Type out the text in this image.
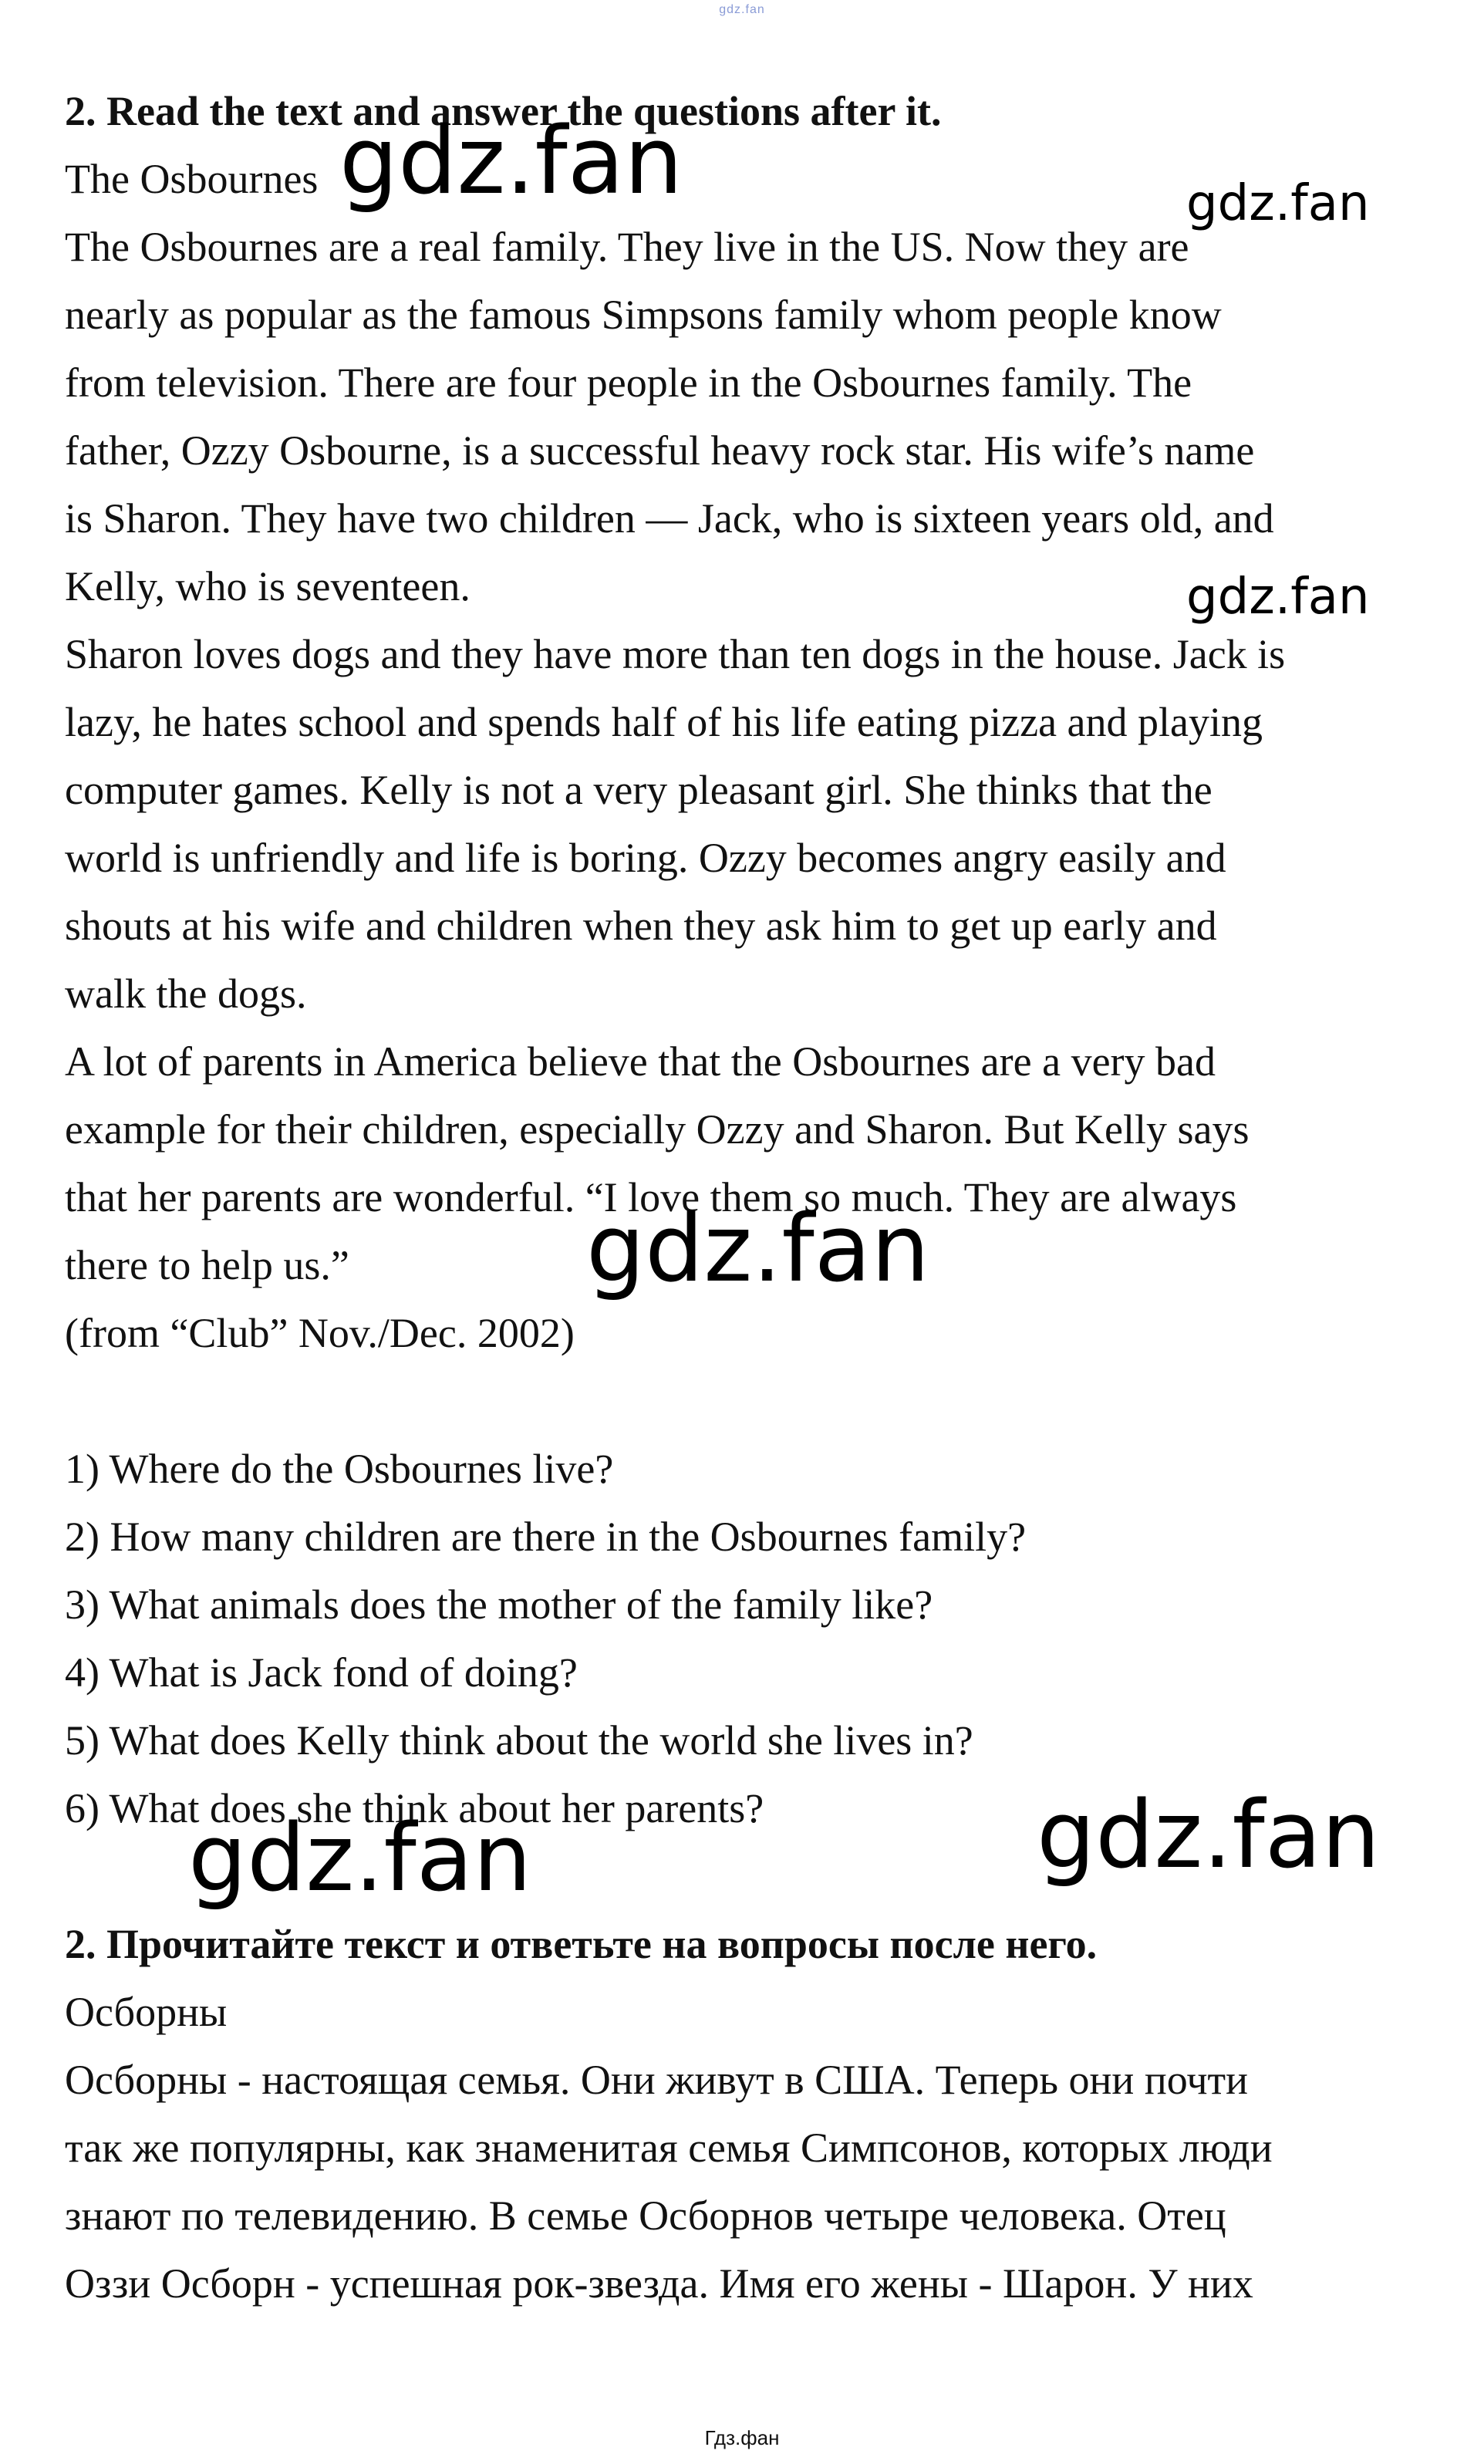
gdz.fan
2. Read the text and answer the questions after it.
The Osbournes
The Osbournes are a real family. They live in the US. Now they are
nearly as popular as the famous Simpsons family whom people know
from television. There are four people in the Osbournes family. The
father, Ozzy Osbourne, is a successful heavy rock star. His wife’s name
is Sharon. They have two children — Jack, who is sixteen years old, and
Kelly, who is seventeen.
Sharon loves dogs and they have more than ten dogs in the house. Jack is
lazy, he hates school and spends half of his life eating pizza and playing
computer games. Kelly is not a very pleasant girl. She thinks that the
world is unfriendly and life is boring. Ozzy becomes angry easily and
shouts at his wife and children when they ask him to get up early and
walk the dogs.
A lot of parents in America believe that the Osbournes are a very bad
example for their children, especially Ozzy and Sharon. But Kelly says
that her parents are wonderful. “I love them so much. They are always
there to help us.”
(from “Club” Nov./Dec. 2002)
1) Where do the Osbournes live?
2) How many children are there in the Osbournes family?
3) What animals does the mother of the family like?
4) What is Jack fond of doing?
5) What does Kelly think about the world she lives in?
6) What does she think about her parents?
2. Прочитайте текст и ответьте на вопросы после него.
Осборны
Осборны - настоящая семья. Они живут в США. Теперь они почти
так же популярны, как знаменитая семья Симпсонов, которых люди
знают по телевидению. В семье Осборнов четыре человека. Отец
Оззи Осборн - успешная рок-звезда. Имя его жены - Шарон. У них
gdz.fan	gdz.fan
gdz.fan
gdz.fan
gdz.fan
gdz.fan
Гдз.фан
